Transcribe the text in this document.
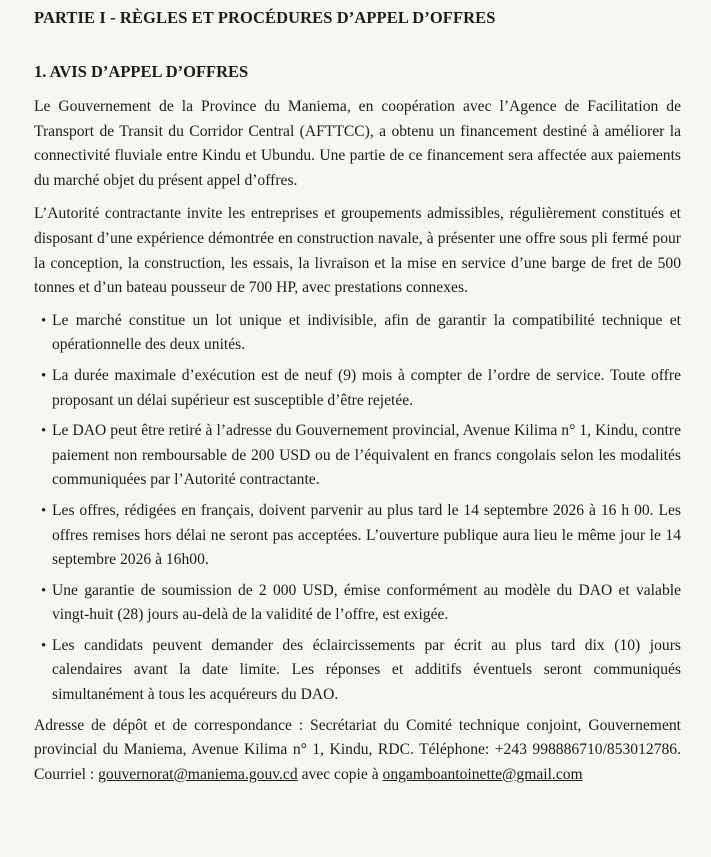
PARTIE I - RÈGLES ET PROCÉDURES D’APPEL D’OFFRES
1. AVIS D’APPEL D’OFFRES

Le Gouvernement de la Province du Maniema, en coopération avec l’Agence de Facilitation de Transport de Transit du Corridor Central (AFTTCC), a obtenu un financement destiné à améliorer la connectivité fluviale entre Kindu et Ubundu. Une partie de ce financement sera affectée aux paiements du marché objet du présent appel d’offres.

L’Autorité contractante invite les entreprises et groupements admissibles, régulièrement constitués et disposant d’une expérience démontrée en construction navale, à présenter une offre sous pli fermé pour la conception, la construction, les essais, la livraison et la mise en service d’une barge de fret de 500 tonnes et d’un bateau pousseur de 700 HP, avec prestations connexes.

• Le marché constitue un lot unique et indivisible, afin de garantir la compatibilité technique et opérationnelle des deux unités.
• La durée maximale d’exécution est de neuf (9) mois à compter de l’ordre de service. Toute offre proposant un délai supérieur est susceptible d’être rejetée.
• Le DAO peut être retiré à l’adresse du Gouvernement provincial, Avenue Kilima n° 1, Kindu, contre paiement non remboursable de 200 USD ou de l’équivalent en francs congolais selon les modalités communiquées par l’Autorité contractante.
• Les offres, rédigées en français, doivent parvenir au plus tard le 14 septembre 2026 à 16 h 00. Les offres remises hors délai ne seront pas acceptées. L’ouverture publique aura lieu le même jour le 14 septembre 2026 à 16h00.
• Une garantie de soumission de 2 000 USD, émise conformément au modèle du DAO et valable vingt-huit (28) jours au-delà de la validité de l’offre, est exigée.
• Les candidats peuvent demander des éclaircissements par écrit au plus tard dix (10) jours calendaires avant la date limite. Les réponses et additifs éventuels seront communiqués simultanément à tous les acquéreurs du DAO.

Adresse de dépôt et de correspondance : Secrétariat du Comité technique conjoint, Gouvernement provincial du Maniema, Avenue Kilima n° 1, Kindu, RDC. Téléphone: +243 998886710/853012786. Courriel : gouvernorat@maniema.gouv.cd avec copie à ongamboantoinette@gmail.com
